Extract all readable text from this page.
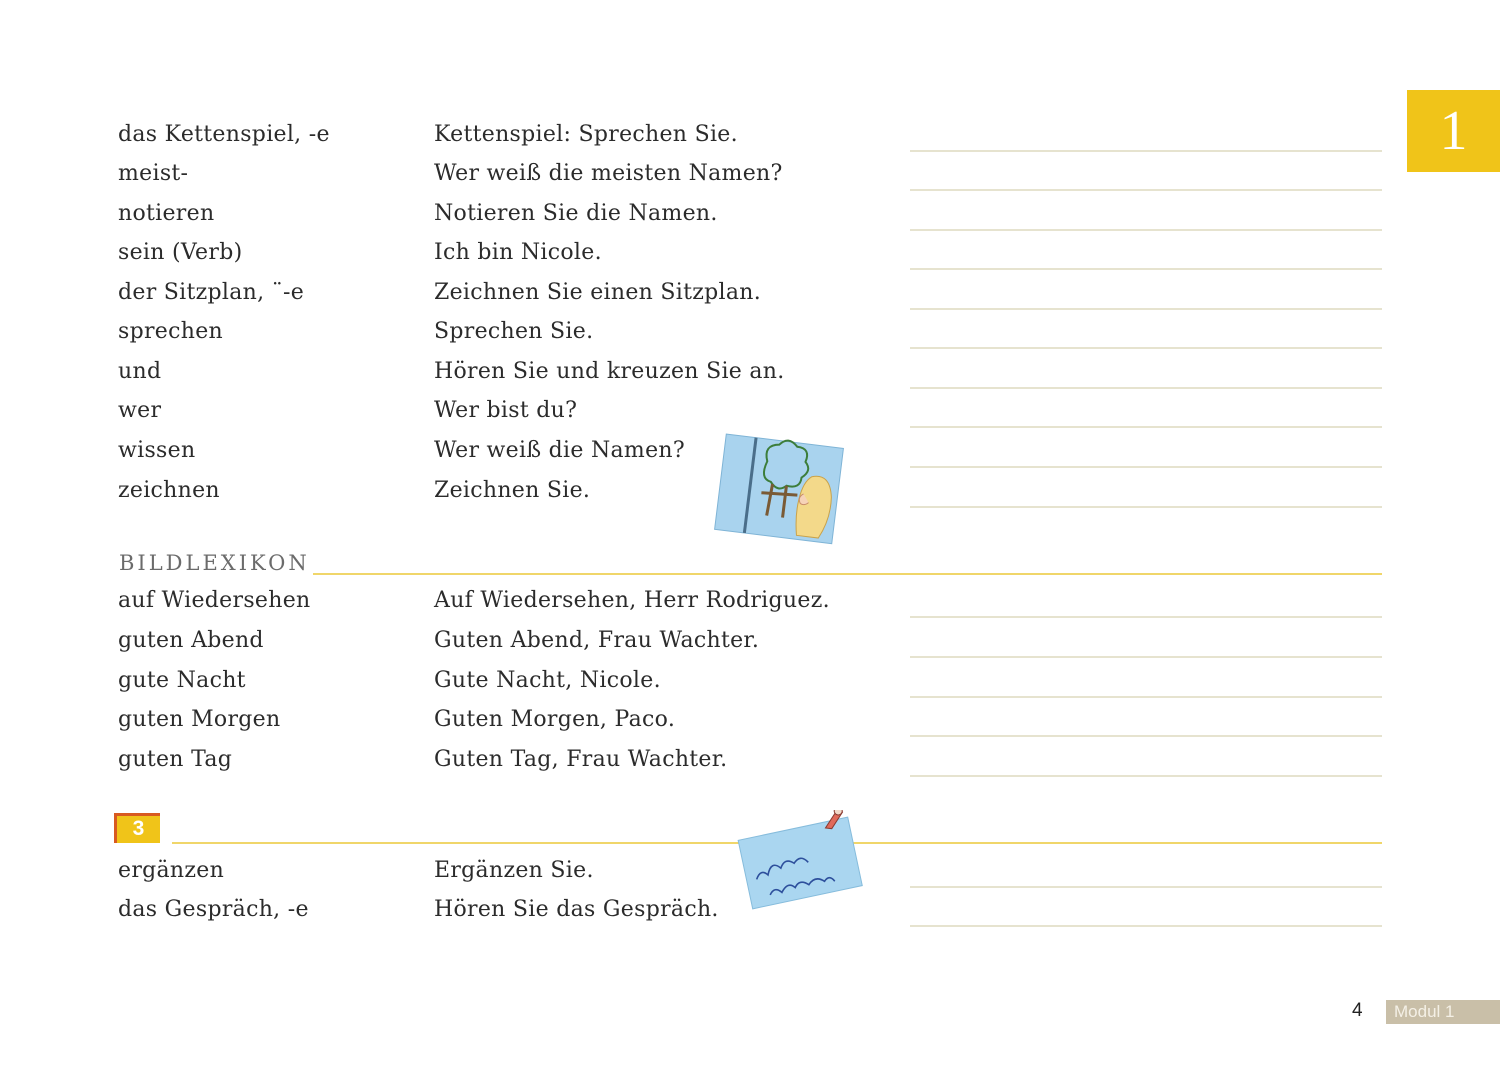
1
das Kettenspiel, -e	Kettenspiel: Sprechen Sie.
meist-	Wer weiß die meisten Namen?
notieren	Notieren Sie die Namen.
sein (Verb)	Ich bin Nicole.
der Sitzplan, ¨-e	Zeichnen Sie einen Sitzplan.
sprechen	Sprechen Sie.
und	Hören Sie und kreuzen Sie an.
wer	Wer bist du?
wissen	Wer weiß die Namen?
zeichnen	Zeichnen Sie.
BILDLEXIKON
auf Wiedersehen	Auf Wiedersehen, Herr Rodriguez.
guten Abend	Guten Abend, Frau Wachter.
gute Nacht	Gute Nacht, Nicole.
guten Morgen	Guten Morgen, Paco.
guten Tag	Guten Tag, Frau Wachter.
3
ergänzen	Ergänzen Sie.
das Gespräch, -e	Hören Sie das Gespräch.
4	Modul 1
